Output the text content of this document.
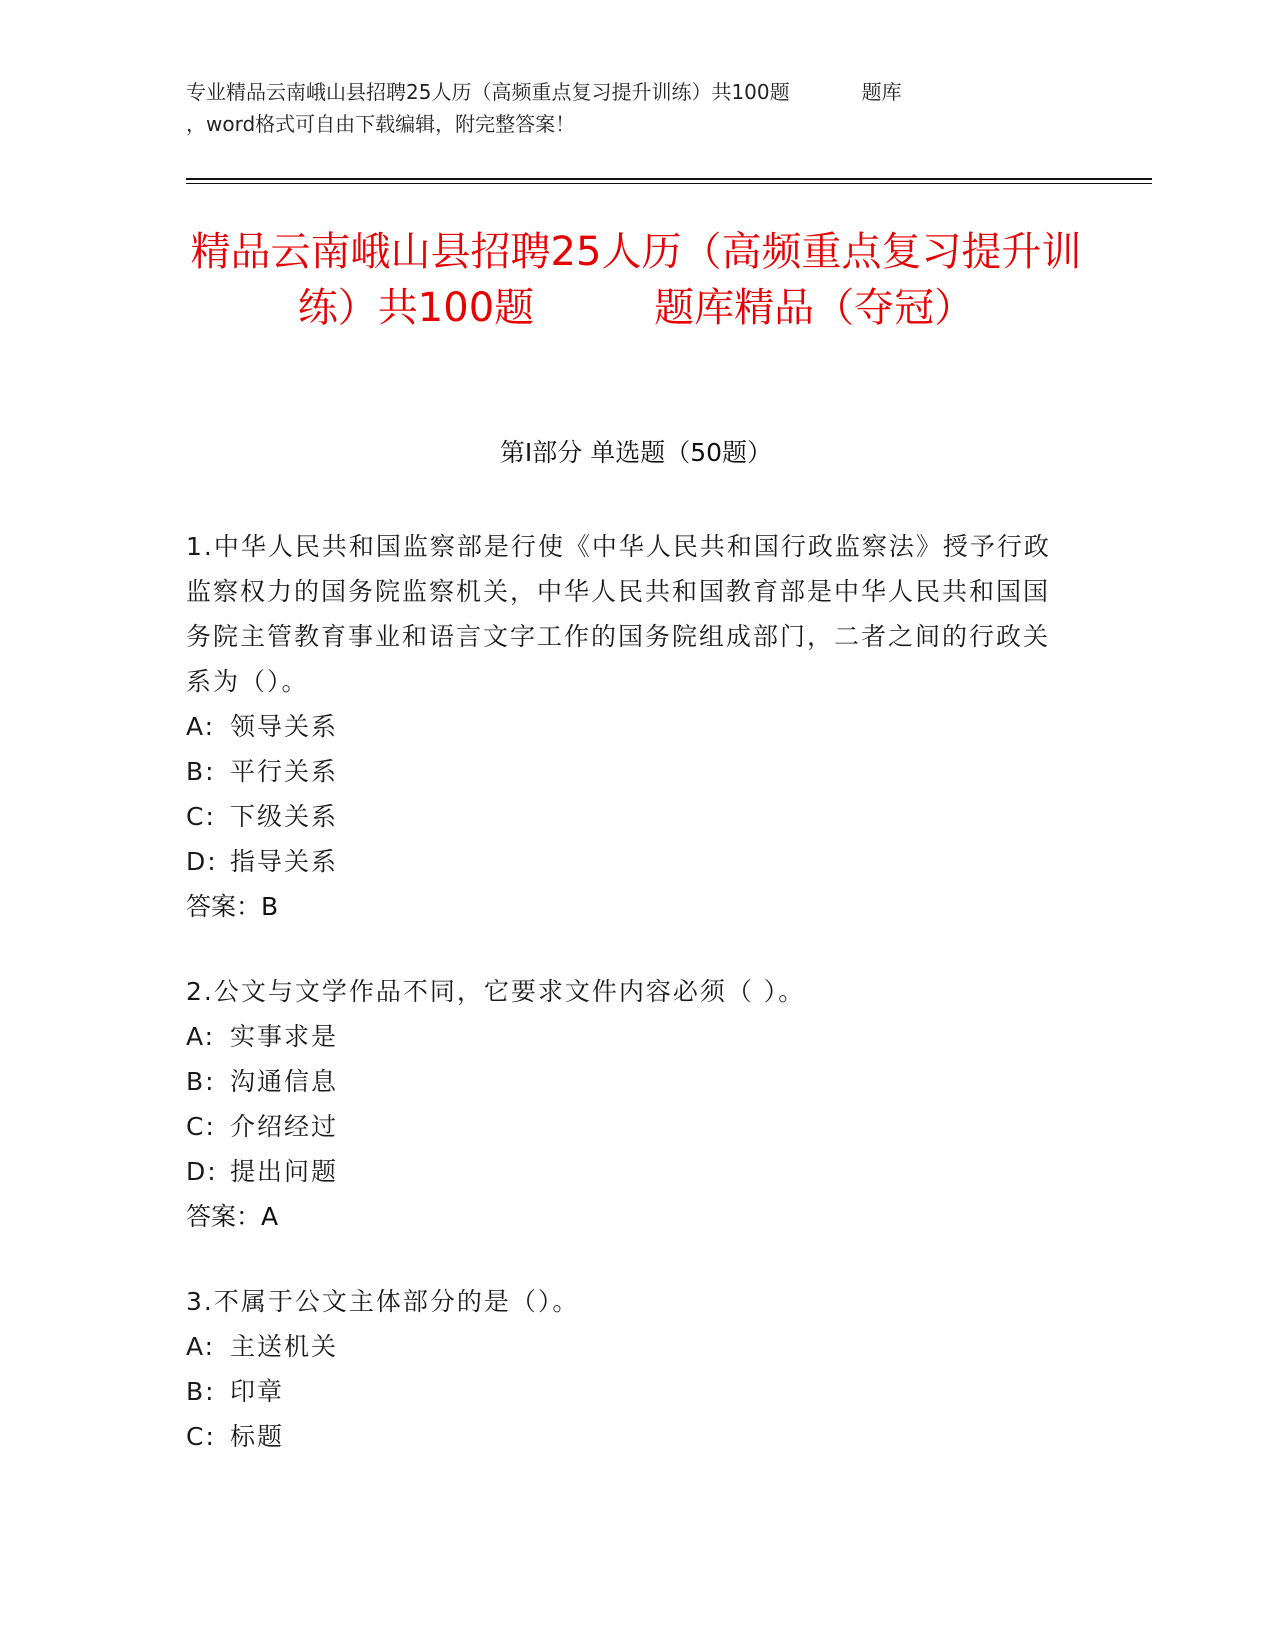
专业精品云南峨山县招聘25人历（高频重点复习提升训练）共100题	题库
，word格式可自由下载编辑，附完整答案！
精品云南峨山县招聘25人历（高频重点复习提升训练）共100题	题库精品（夺冠）
第Ⅰ部分 单选题（50题）
1.中华人民共和国监察部是行使《中华人民共和国行政监察法》授予行政监察权力的国务院监察机关，中华人民共和国教育部是中华人民共和国国务院主管教育事业和语言文字工作的国务院组成部门，二者之间的行政关系为（）。
A: 领导关系
B: 平行关系
C: 下级关系
D: 指导关系
答案：B
2.公文与文学作品不同，它要求文件内容必须（ ）。
A: 实事求是
B: 沟通信息
C: 介绍经过
D: 提出问题
答案：A
3.不属于公文主体部分的是（）。
A: 主送机关
B: 印章
C: 标题
